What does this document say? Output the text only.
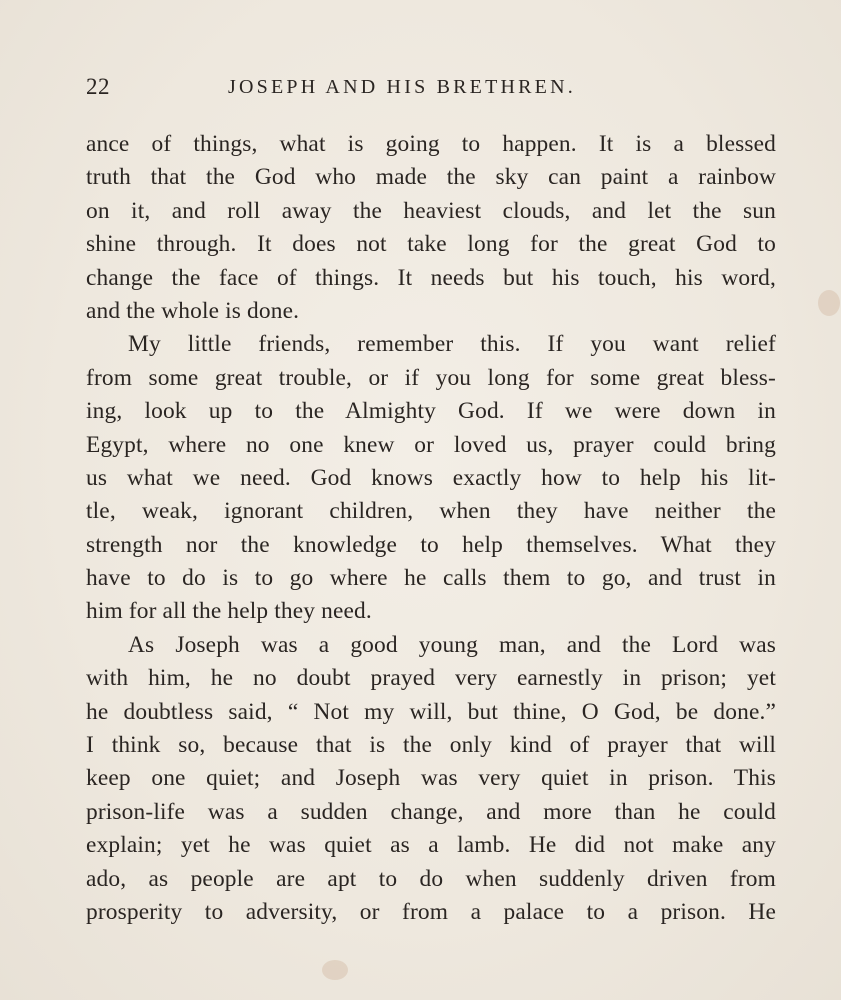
22	JOSEPH AND HIS BRETHREN.
ance of things, what is going to happen. It is a blessed
truth that the God who made the sky can paint a rainbow
on it, and roll away the heaviest clouds, and let the sun
shine through. It does not take long for the great God to
change the face of things. It needs but his touch, his word,
and the whole is done.
My little friends, remember this. If you want relief
from some great trouble, or if you long for some great bless-
ing, look up to the Almighty God. If we were down in
Egypt, where no one knew or loved us, prayer could bring
us what we need. God knows exactly how to help his lit-
tle, weak, ignorant children, when they have neither the
strength nor the knowledge to help themselves. What they
have to do is to go where he calls them to go, and trust in
him for all the help they need.
As Joseph was a good young man, and the Lord was
with him, he no doubt prayed very earnestly in prison; yet
he doubtless said, “ Not my will, but thine, O God, be done.”
I think so, because that is the only kind of prayer that will
keep one quiet; and Joseph was very quiet in prison. This
prison-life was a sudden change, and more than he could
explain; yet he was quiet as a lamb. He did not make any
ado, as people are apt to do when suddenly driven from
prosperity to adversity, or from a palace to a prison. He
